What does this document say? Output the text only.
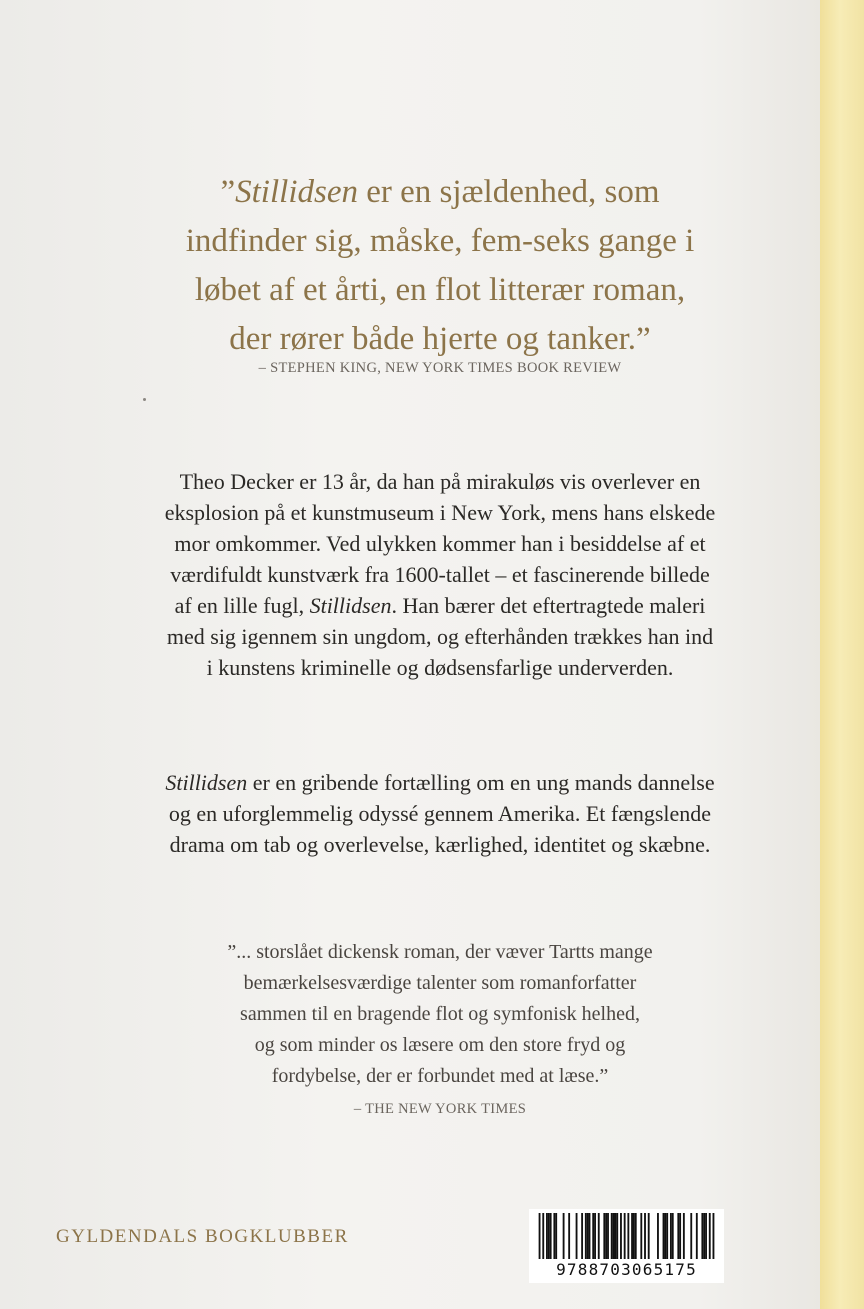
”Stillidsen er en sjældenhed, som
indfinder sig, måske, fem-seks gange i
løbet af et årti, en flot litterær roman,
der rører både hjerte og tanker.”
– STEPHEN KING, NEW YORK TIMES BOOK REVIEW
Theo Decker er 13 år, da han på mirakuløs vis overlever en
eksplosion på et kunstmuseum i New York, mens hans elskede
mor omkommer. Ved ulykken kommer han i besiddelse af et
værdifuldt kunstværk fra 1600-tallet – et fascinerende billede
af en lille fugl, Stillidsen. Han bærer det eftertragtede maleri
med sig igennem sin ungdom, og efterhånden trækkes han ind
i kunstens kriminelle og dødsensfarlige underverden.
Stillidsen er en gribende fortælling om en ung mands dannelse
og en uforglemmelig odyssé gennem Amerika. Et fængslende
drama om tab og overlevelse, kærlighed, identitet og skæbne.
”... storslået dickensk roman, der væver Tartts mange
bemærkelsesværdige talenter som romanforfatter
sammen til en bragende flot og symfonisk helhed,
og som minder os læsere om den store fryd og
fordybelse, der er forbundet med at læse.”
– THE NEW YORK TIMES
GYLDENDALS BOGKLUBBER
9788703065175
